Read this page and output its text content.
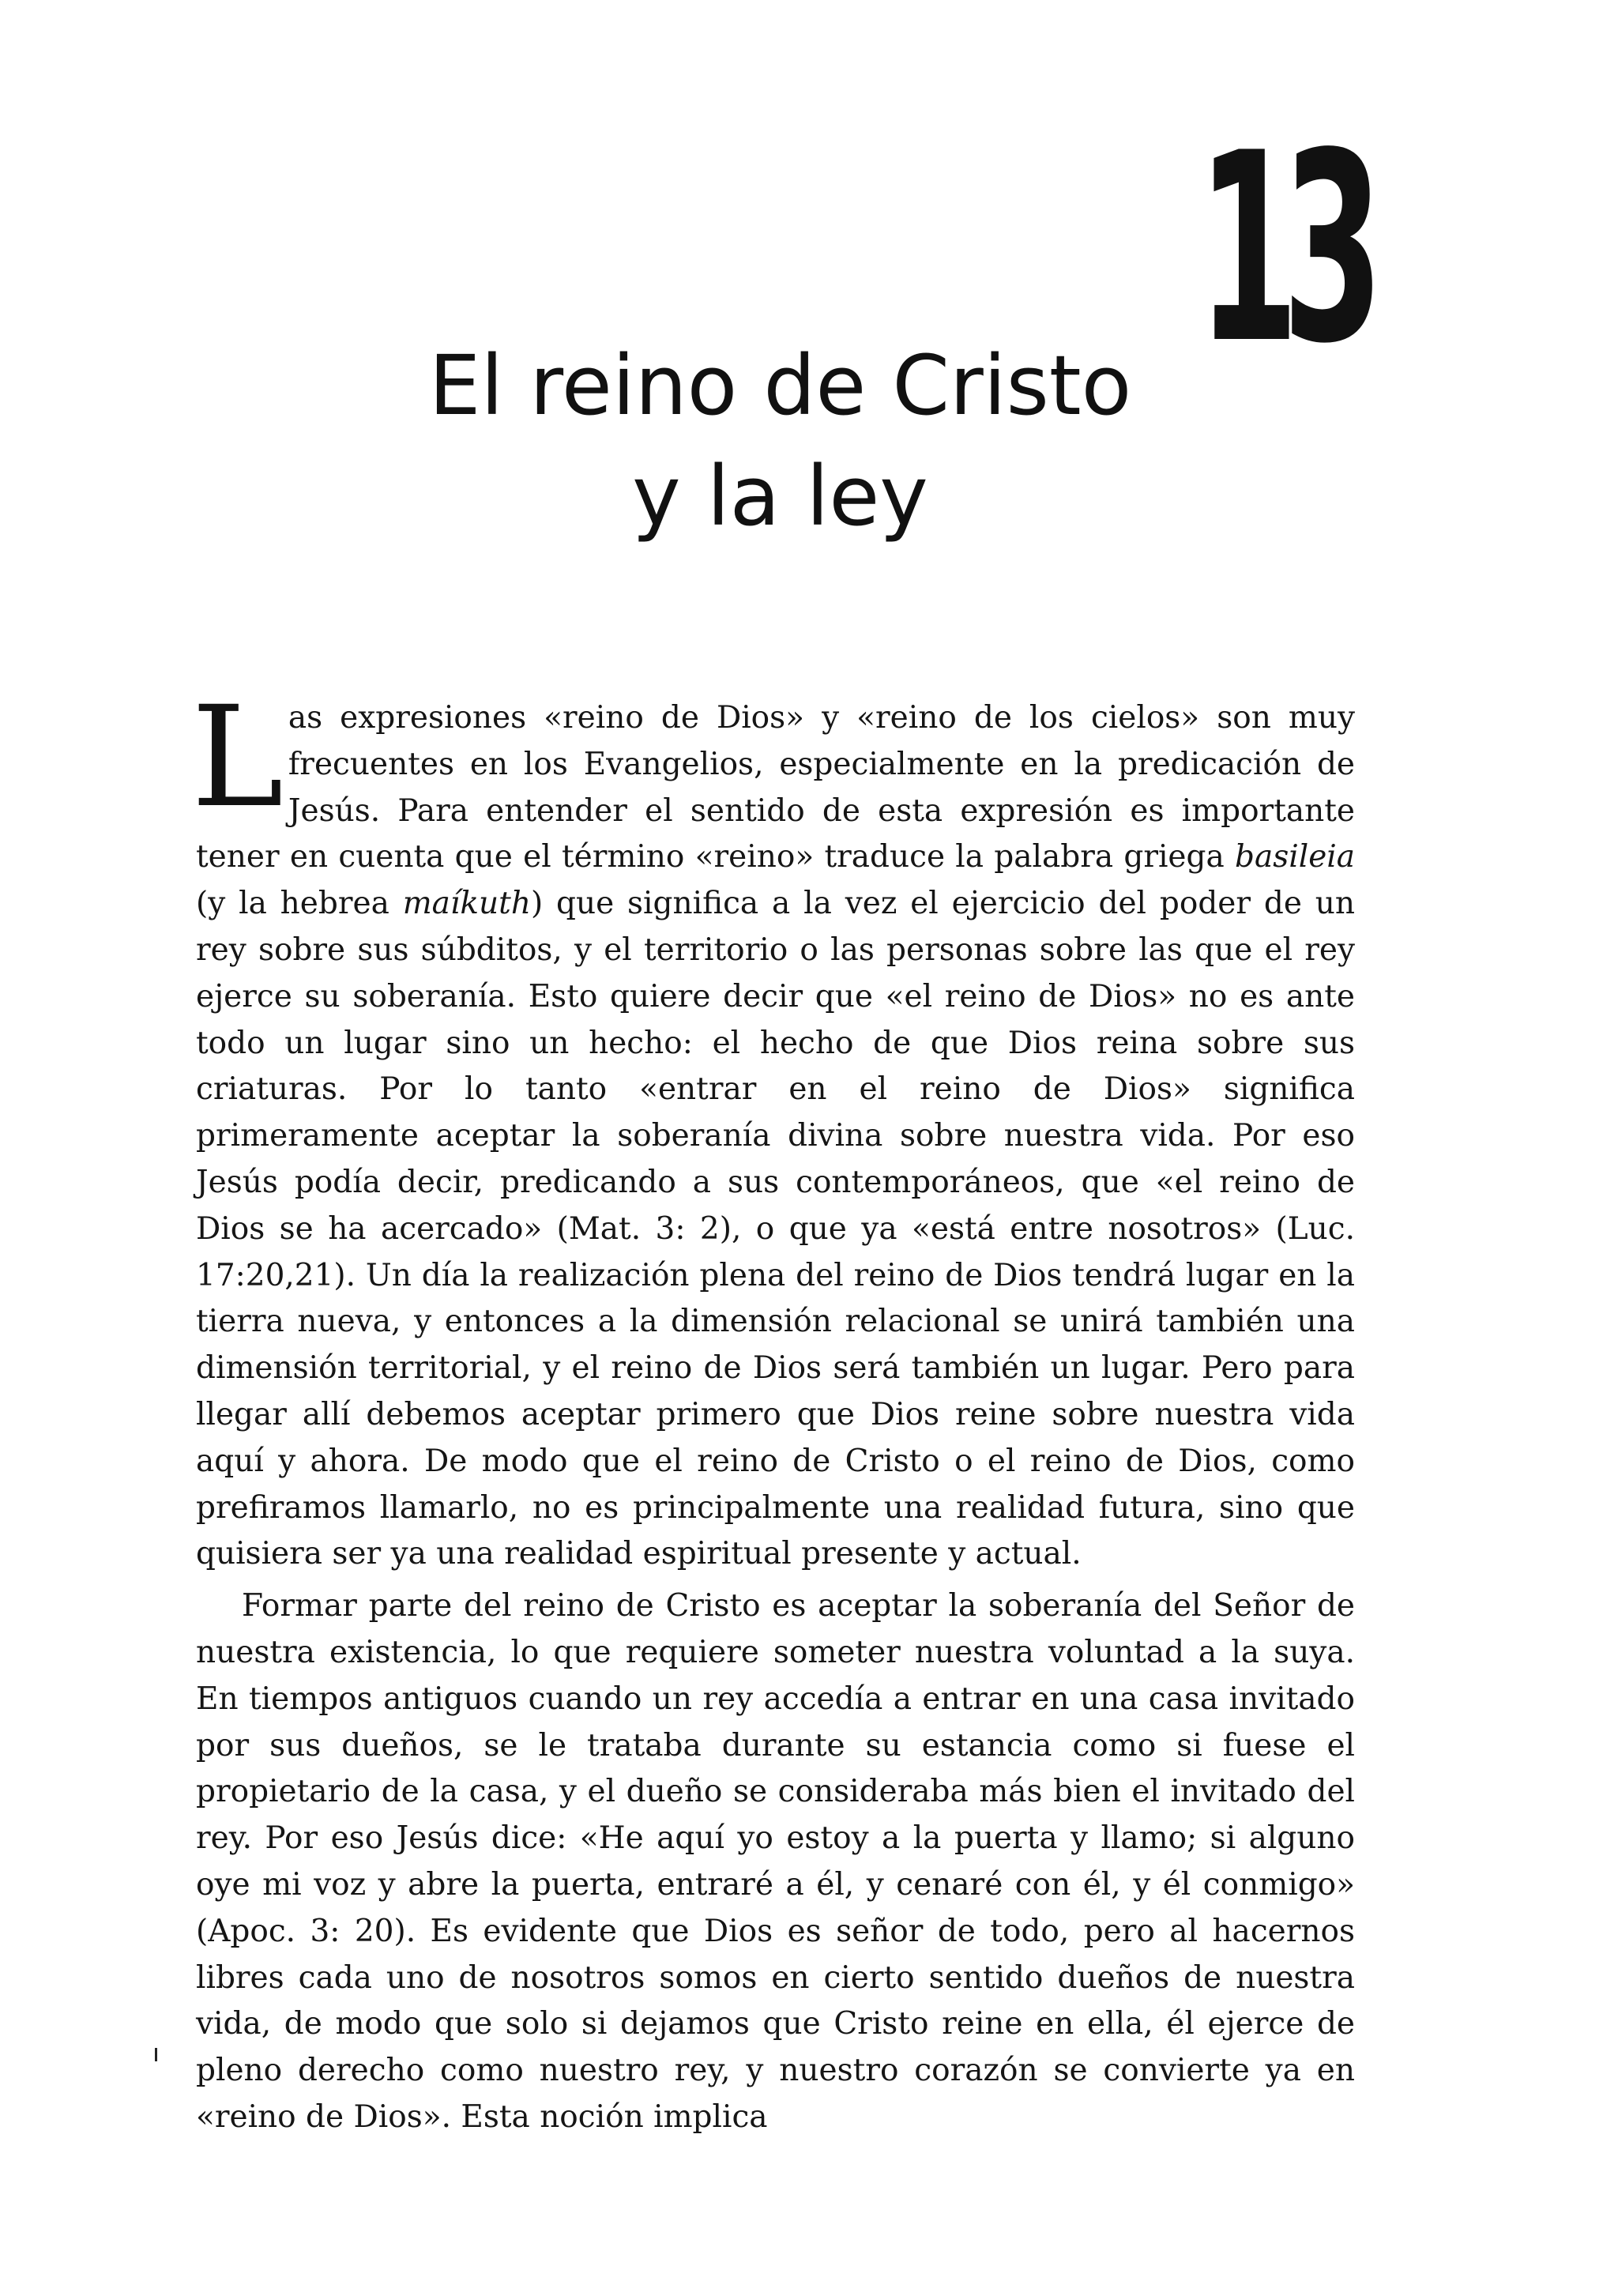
13
El reino de Cristo
y la ley

Las expresiones «reino de Dios» y «reino de los cielos» son muy frecuentes en los Evangelios, especialmente en la predicación de Jesús. Para entender el sentido de esta expresión es importante tener en cuenta que el término «reino» traduce la palabra griega basileia (y la hebrea maíkuth) que significa a la vez el ejercicio del poder de un rey sobre sus súbditos, y el territorio o las personas sobre las que el rey ejerce su soberanía. Esto quiere decir que «el reino de Dios» no es ante todo un lugar sino un hecho: el hecho de que Dios reina sobre sus criaturas. Por lo tanto «entrar en el reino de Dios» significa primeramente aceptar la soberanía divina sobre nuestra vida. Por eso Jesús podía decir, predicando a sus contemporáneos, que «el reino de Dios se ha acercado» (Mat. 3: 2), o que ya «está entre nosotros» (Luc. 17:20,21). Un día la realización plena del reino de Dios tendrá lugar en la tierra nueva, y entonces a la dimensión relacional se unirá también una dimensión territorial, y el reino de Dios será también un lugar. Pero para llegar allí debemos aceptar primero que Dios reine sobre nuestra vida aquí y ahora. De modo que el reino de Cristo o el reino de Dios, como prefiramos llamarlo, no es principalmente una realidad futura, sino que quisiera ser ya una realidad espiritual presente y actual.

Formar parte del reino de Cristo es aceptar la soberanía del Señor de nuestra existencia, lo que requiere someter nuestra voluntad a la suya. En tiempos antiguos cuando un rey accedía a entrar en una casa invitado por sus dueños, se le trataba durante su estancia como si fuese el propietario de la casa, y el dueño se consideraba más bien el invitado del rey. Por eso Jesús dice: «He aquí yo estoy a la puerta y llamo; si alguno oye mi voz y abre la puerta, entraré a él, y cenaré con él, y él conmigo» (Apoc. 3: 20). Es evidente que Dios es señor de todo, pero al hacernos libres cada uno de nosotros somos en cierto sentido dueños de nuestra vida, de modo que solo si dejamos que Cristo reine en ella, él ejerce de pleno derecho como nuestro rey, y nuestro corazón se convierte ya en «reino de Dios». Esta noción implica
